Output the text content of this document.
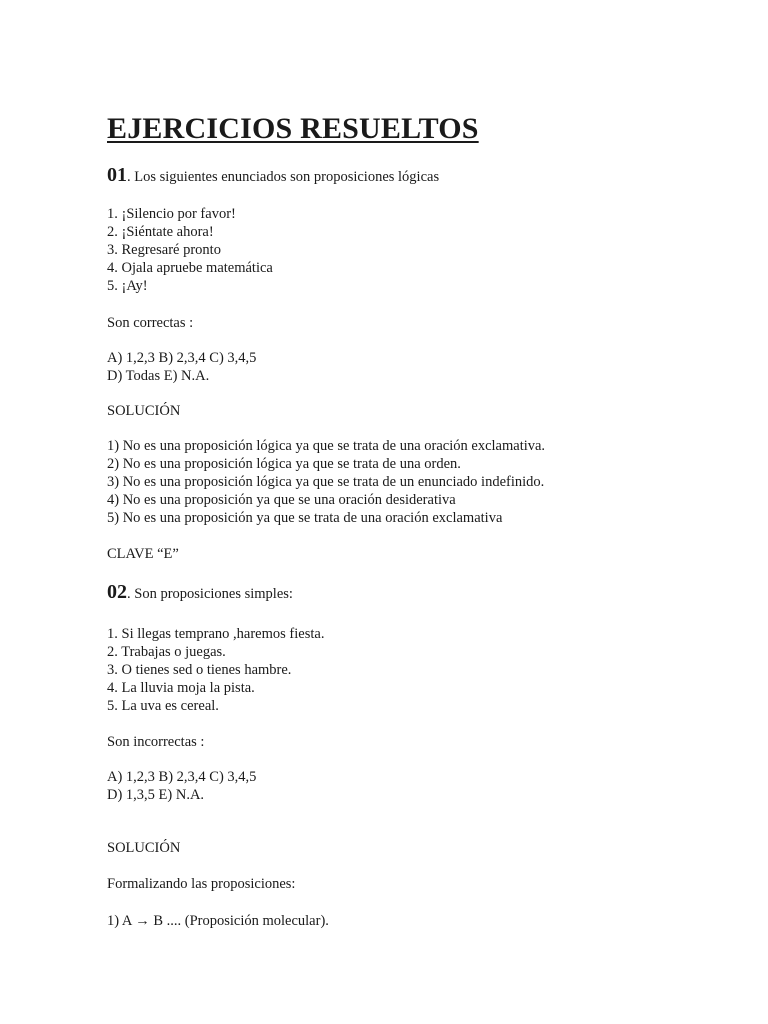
EJERCICIOS RESUELTOS
01. Los siguientes enunciados son proposiciones lógicas
1. ¡Silencio por favor!
2. ¡Siéntate ahora!
3. Regresaré pronto
4. Ojala apruebe matemática
5. ¡Ay!
Son correctas :
A) 1,2,3 B) 2,3,4 C) 3,4,5
D) Todas E) N.A.
SOLUCIÓN
1) No es una proposición lógica ya que se trata de una oración exclamativa.
2) No es una proposición lógica ya que se trata de una orden.
3) No es una proposición lógica ya que se trata de un enunciado indefinido.
4) No es una proposición ya que se una oración desiderativa
5) No es una proposición ya que se trata de una oración exclamativa
CLAVE “E”
02. Son proposiciones simples:
1. Si llegas temprano ,haremos fiesta.
2. Trabajas o juegas.
3. O tienes sed o tienes hambre.
4. La lluvia moja la pista.
5. La uva es cereal.
Son incorrectas :
A) 1,2,3 B) 2,3,4 C) 3,4,5
D) 1,3,5 E) N.A.
SOLUCIÓN
Formalizando las proposiciones:
1) A → B .... (Proposición molecular).
